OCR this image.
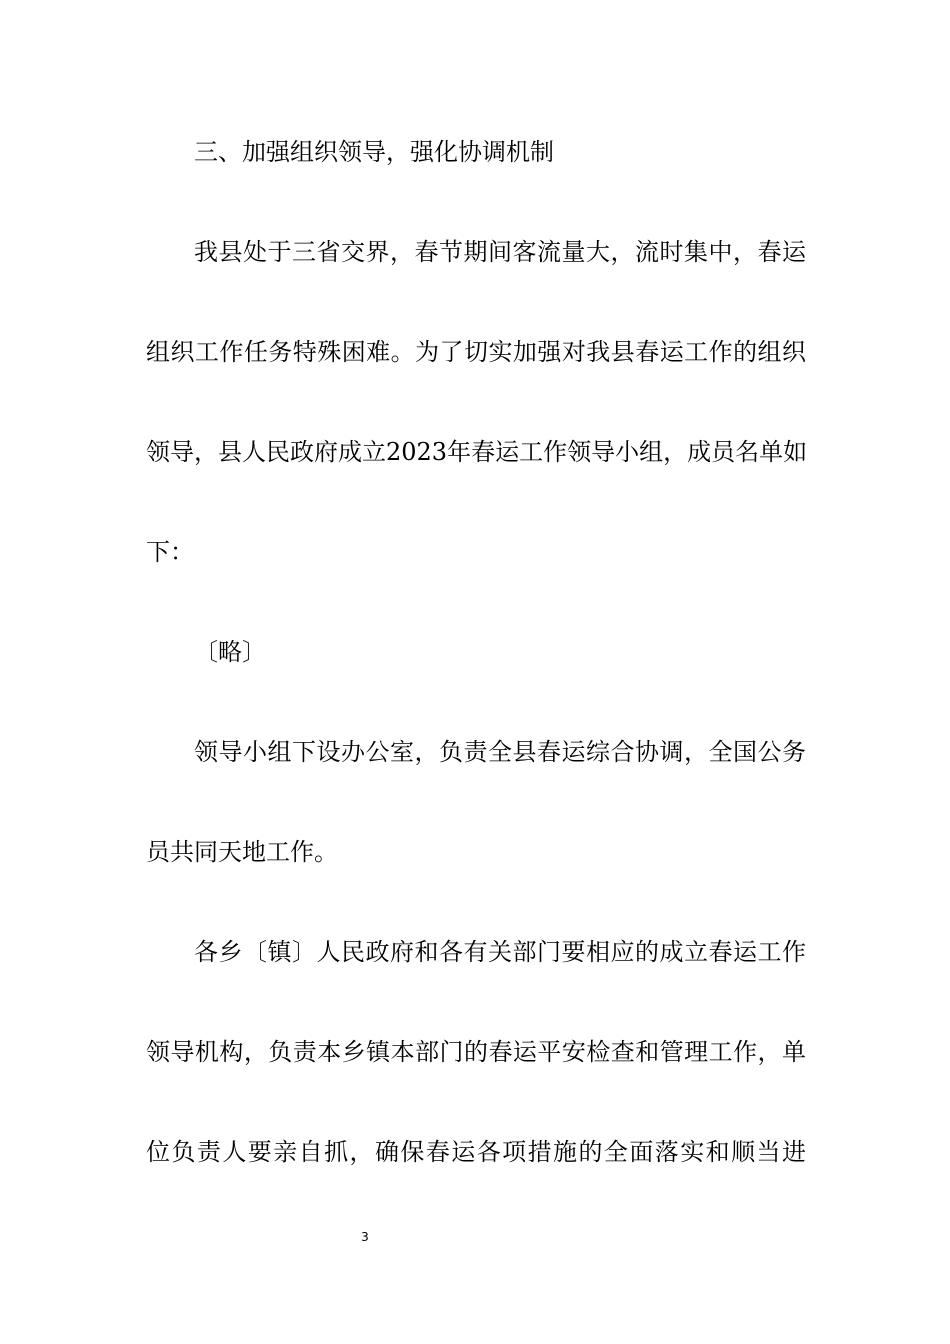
三、加强组织领导，强化协调机制
我县处于三省交界，春节期间客流量大，流时集中，春运
组织工作任务特殊困难。为了切实加强对我县春运工作的组织
领导，县人民政府成立2023年春运工作领导小组，成员名单如
下：
〔略〕
领导小组下设办公室，负责全县春运综合协调，全国公务
员共同天地工作。
各乡〔镇〕人民政府和各有关部门要相应的成立春运工作
领导机构，负责本乡镇本部门的春运平安检查和管理工作，单
位负责人要亲自抓，确保春运各项措施的全面落实和顺当进
3
